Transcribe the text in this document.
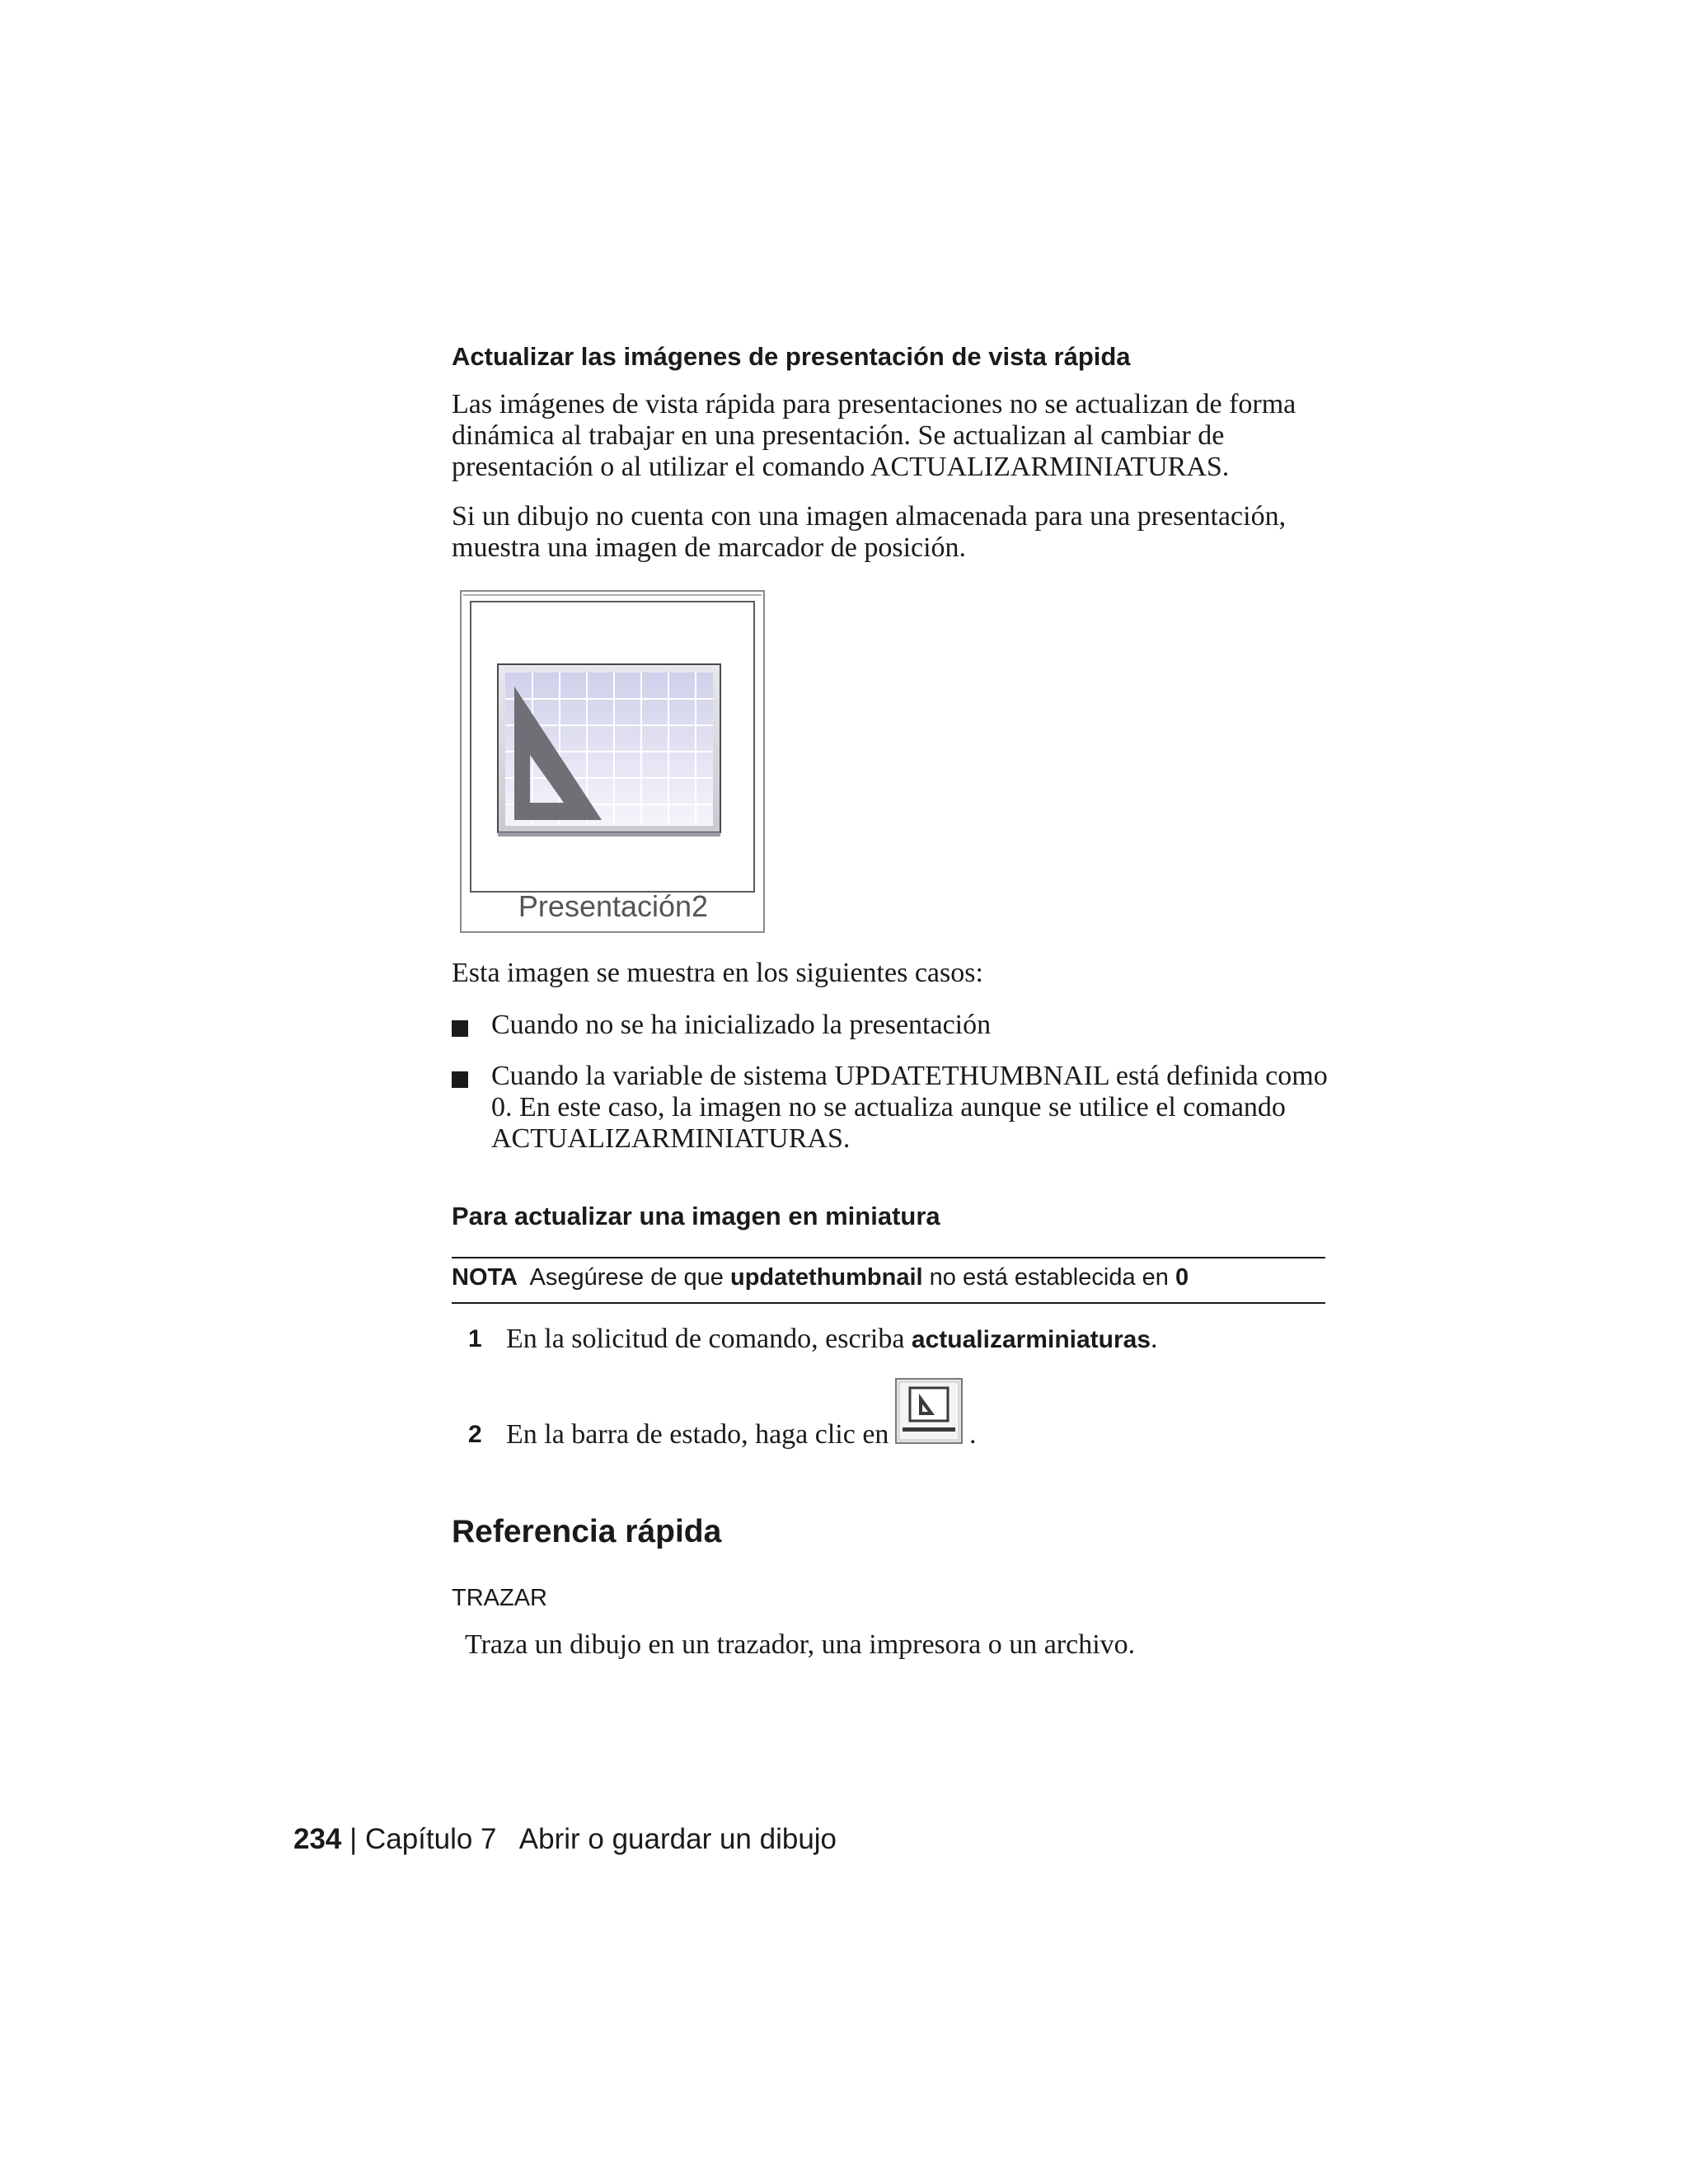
Actualizar las imágenes de presentación de vista rápida
Las imágenes de vista rápida para presentaciones no se actualizan de forma
dinámica al trabajar en una presentación. Se actualizan al cambiar de
presentación o al utilizar el comando ACTUALIZARMINIATURAS.
Si un dibujo no cuenta con una imagen almacenada para una presentación,
muestra una imagen de marcador de posición.
Presentación2
Esta imagen se muestra en los siguientes casos:
Cuando no se ha inicializado la presentación
Cuando la variable de sistema UPDATETHUMBNAIL está definida como
0. En este caso, la imagen no se actualiza aunque se utilice el comando
ACTUALIZARMINIATURAS.
Para actualizar una imagen en miniatura
NOTA Asegúrese de que updatethumbnail no está establecida en 0
1 En la solicitud de comando, escriba actualizarminiaturas.
2 En la barra de estado, haga clic en	.
Referencia rápida
TRAZAR
Traza un dibujo en un trazador, una impresora o un archivo.
234 | Capítulo 7 Abrir o guardar un dibujo
